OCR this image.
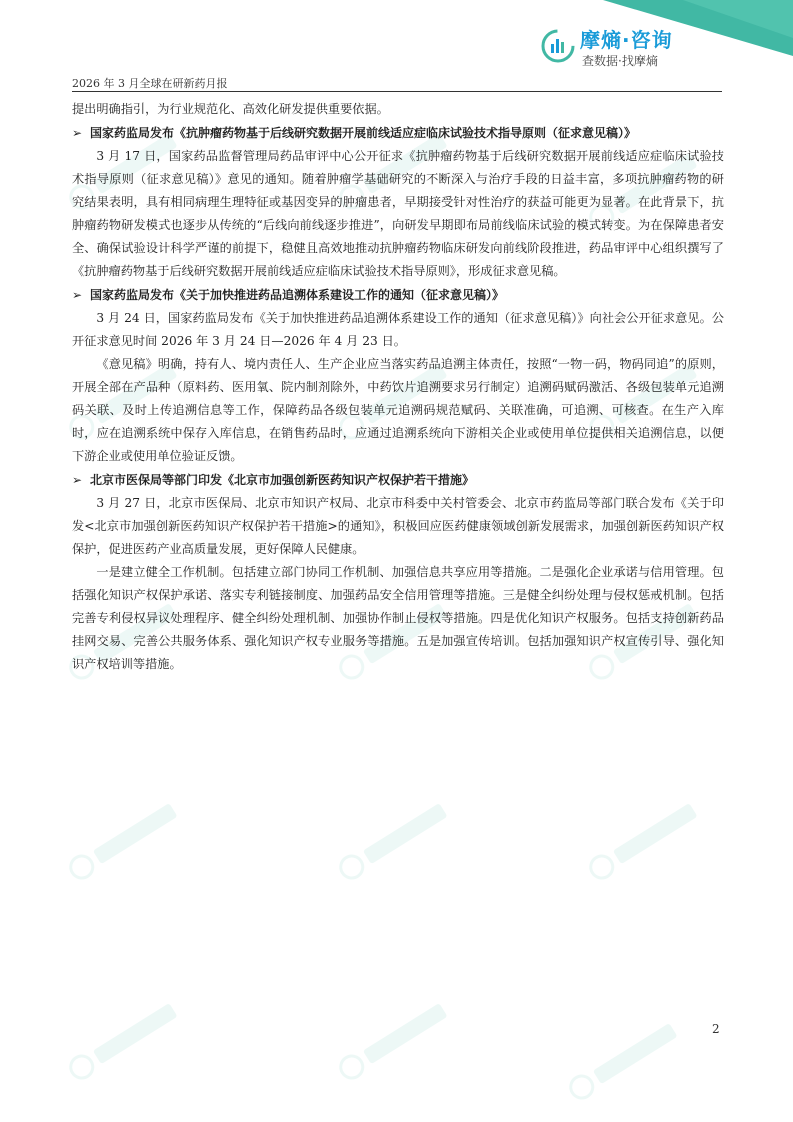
摩熵·咨询
查数据·找摩熵
2026 年 3 月全球在研新药月报

提出明确指引，为行业规范化、高效化研发提供重要依据。

➢ 国家药监局发布《抗肿瘤药物基于后线研究数据开展前线适应症临床试验技术指导原则（征求意见稿）》

3 月 17 日，国家药品监督管理局药品审评中心公开征求《抗肿瘤药物基于后线研究数据开展前线适应症临床试验技术指导原则（征求意见稿）》意见的通知。随着肿瘤学基础研究的不断深入与治疗手段的日益丰富，多项抗肿瘤药物的研究结果表明，具有相同病理生理特征或基因变异的肿瘤患者，早期接受针对性治疗的获益可能更为显著。在此背景下，抗肿瘤药物研发模式也逐步从传统的“后线向前线逐步推进”，向研发早期即布局前线临床试验的模式转变。为在保障患者安全、确保试验设计科学严谨的前提下，稳健且高效地推动抗肿瘤药物临床研发向前线阶段推进，药品审评中心组织撰写了《抗肿瘤药物基于后线研究数据开展前线适应症临床试验技术指导原则》，形成征求意见稿。

➢ 国家药监局发布《关于加快推进药品追溯体系建设工作的通知（征求意见稿）》

3 月 24 日，国家药监局发布《关于加快推进药品追溯体系建设工作的通知（征求意见稿）》向社会公开征求意见。公开征求意见时间 2026 年 3 月 24 日—2026 年 4 月 23 日。

《意见稿》明确，持有人、境内责任人、生产企业应当落实药品追溯主体责任，按照“一物一码，物码同追”的原则，开展全部在产品种（原料药、医用氧、院内制剂除外，中药饮片追溯要求另行制定）追溯码赋码激活、各级包装单元追溯码关联、及时上传追溯信息等工作，保障药品各级包装单元追溯码规范赋码、关联准确，可追溯、可核查。在生产入库时，应在追溯系统中保存入库信息，在销售药品时，应通过追溯系统向下游相关企业或使用单位提供相关追溯信息，以便下游企业或使用单位验证反馈。

➢ 北京市医保局等部门印发《北京市加强创新医药知识产权保护若干措施》

3 月 27 日，北京市医保局、北京市知识产权局、北京市科委中关村管委会、北京市药监局等部门联合发布《关于印发<北京市加强创新医药知识产权保护若干措施>的通知》，积极回应医药健康领域创新发展需求，加强创新医药知识产权保护，促进医药产业高质量发展，更好保障人民健康。

一是建立健全工作机制。包括建立部门协同工作机制、加强信息共享应用等措施。二是强化企业承诺与信用管理。包括强化知识产权保护承诺、落实专利链接制度、加强药品安全信用管理等措施。三是健全纠纷处理与侵权惩戒机制。包括完善专利侵权异议处理程序、健全纠纷处理机制、加强协作制止侵权等措施。四是优化知识产权服务。包括支持创新药品挂网交易、完善公共服务体系、强化知识产权专业服务等措施。五是加强宣传培训。包括加强知识产权宣传引导、强化知识产权培训等措施。

2
